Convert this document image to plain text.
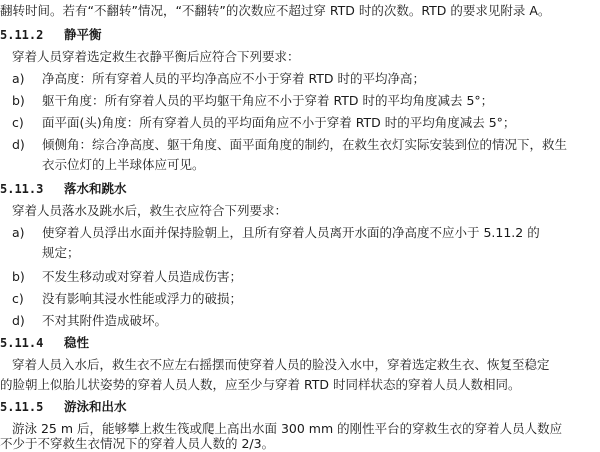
翻转时间。若有“不翻转”情况，“不翻转”的次数应不超过穿 RTD 时的次数。RTD 的要求见附录 A。
5.11.2 静平衡
穿着人员穿着选定救生衣静平衡后应符合下列要求：
a) 净高度：所有穿着人员的平均净高应不小于穿着 RTD 时的平均净高；
b) 躯干角度：所有穿着人员的平均躯干角应不小于穿着 RTD 时的平均角度减去 5°；
c) 面平面(头)角度：所有穿着人员的平均面角应不小于穿着 RTD 时的平均角度减去 5°；
d) 倾侧角：综合净高度、躯干角度、面平面角度的制约，在救生衣灯实际安装到位的情况下，救生
衣示位灯的上半球体应可见。
5.11.3 落水和跳水
穿着人员落水及跳水后，救生衣应符合下列要求：
a) 使穿着人员浮出水面并保持脸朝上，且所有穿着人员离开水面的净高度不应小于 5.11.2 的
规定；
b) 不发生移动或对穿着人员造成伤害；
c) 没有影响其浸水性能或浮力的破损；
d) 不对其附件造成破坏。
5.11.4 稳性
穿着人员入水后，救生衣不应左右摇摆而使穿着人员的脸没入水中，穿着选定救生衣、恢复至稳定
的脸朝上似胎儿状姿势的穿着人员人数，应至少与穿着 RTD 时同样状态的穿着人员人数相同。
5.11.5 游泳和出水
游泳 25 m 后，能够攀上救生筏或爬上高出水面 300 mm 的刚性平台的穿救生衣的穿着人员人数应
不少于不穿救生衣情况下的穿着人员人数的 2/3。
